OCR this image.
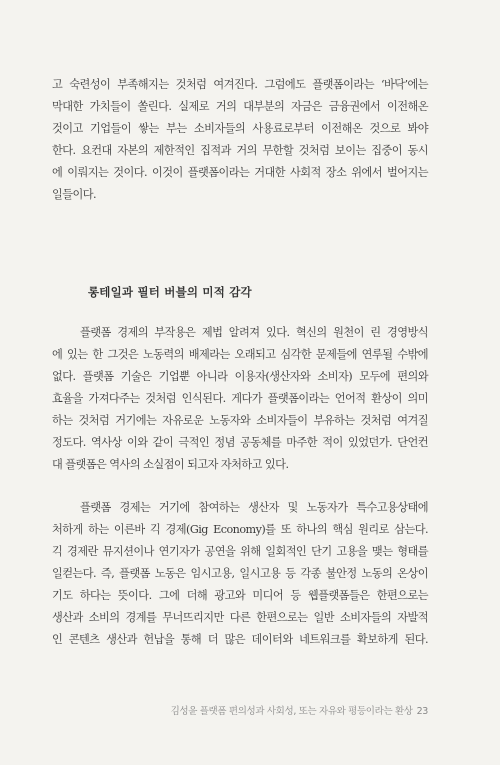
고 숙련성이 부족해지는 것처럼 여겨진다. 그럼에도 플랫폼이라는 ‘바닥’에는
막대한 가치들이 쏠린다. 실제로 거의 대부분의 자금은 금융권에서 이전해온
것이고 기업들이 쌓는 부는 소비자들의 사용료로부터 이전해온 것으로 봐야
한다. 요컨대 자본의 제한적인 집적과 거의 무한할 것처럼 보이는 집중이 동시
에 이뤄지는 것이다. 이것이 플랫폼이라는 거대한 사회적 장소 위에서 벌어지는
일들이다.
롱테일과 필터 버블의 미적 감각
플랫폼 경제의 부작용은 제법 알려져 있다. 혁신의 원천이 린 경영방식
에 있는 한 그것은 노동력의 배제라는 오래되고 심각한 문제들에 연루될 수밖에
없다. 플랫폼 기술은 기업뿐 아니라 이용자(생산자와 소비자) 모두에 편의와
효율을 가져다주는 것처럼 인식된다. 게다가 플랫폼이라는 언어적 환상이 의미
하는 것처럼 거기에는 자유로운 노동자와 소비자들이 부유하는 것처럼 여겨질
정도다. 역사상 이와 같이 극적인 정념 공동체를 마주한 적이 있었던가. 단언컨
대 플랫폼은 역사의 소실점이 되고자 자처하고 있다.
플랫폼 경제는 거기에 참여하는 생산자 및 노동자가 특수고용상태에
처하게 하는 이른바 긱 경제(Gig Economy)를 또 하나의 핵심 원리로 삼는다.
긱 경제란 뮤지션이나 연기자가 공연을 위해 일회적인 단기 고용을 맺는 형태를
일컫는다. 즉, 플랫폼 노동은 임시고용, 일시고용 등 각종 불안정 노동의 온상이
기도 하다는 뜻이다. 그에 더해 광고와 미디어 등 웹플랫폼들은 한편으로는
생산과 소비의 경계를 무너뜨리지만 다른 한편으로는 일반 소비자들의 자발적
인 콘텐츠 생산과 헌납을 통해 더 많은 데이터와 네트워크를 확보하게 된다.
김성윤 플랫폼 편의성과 사회성, 또는 자유와 평등이라는 환상 23
